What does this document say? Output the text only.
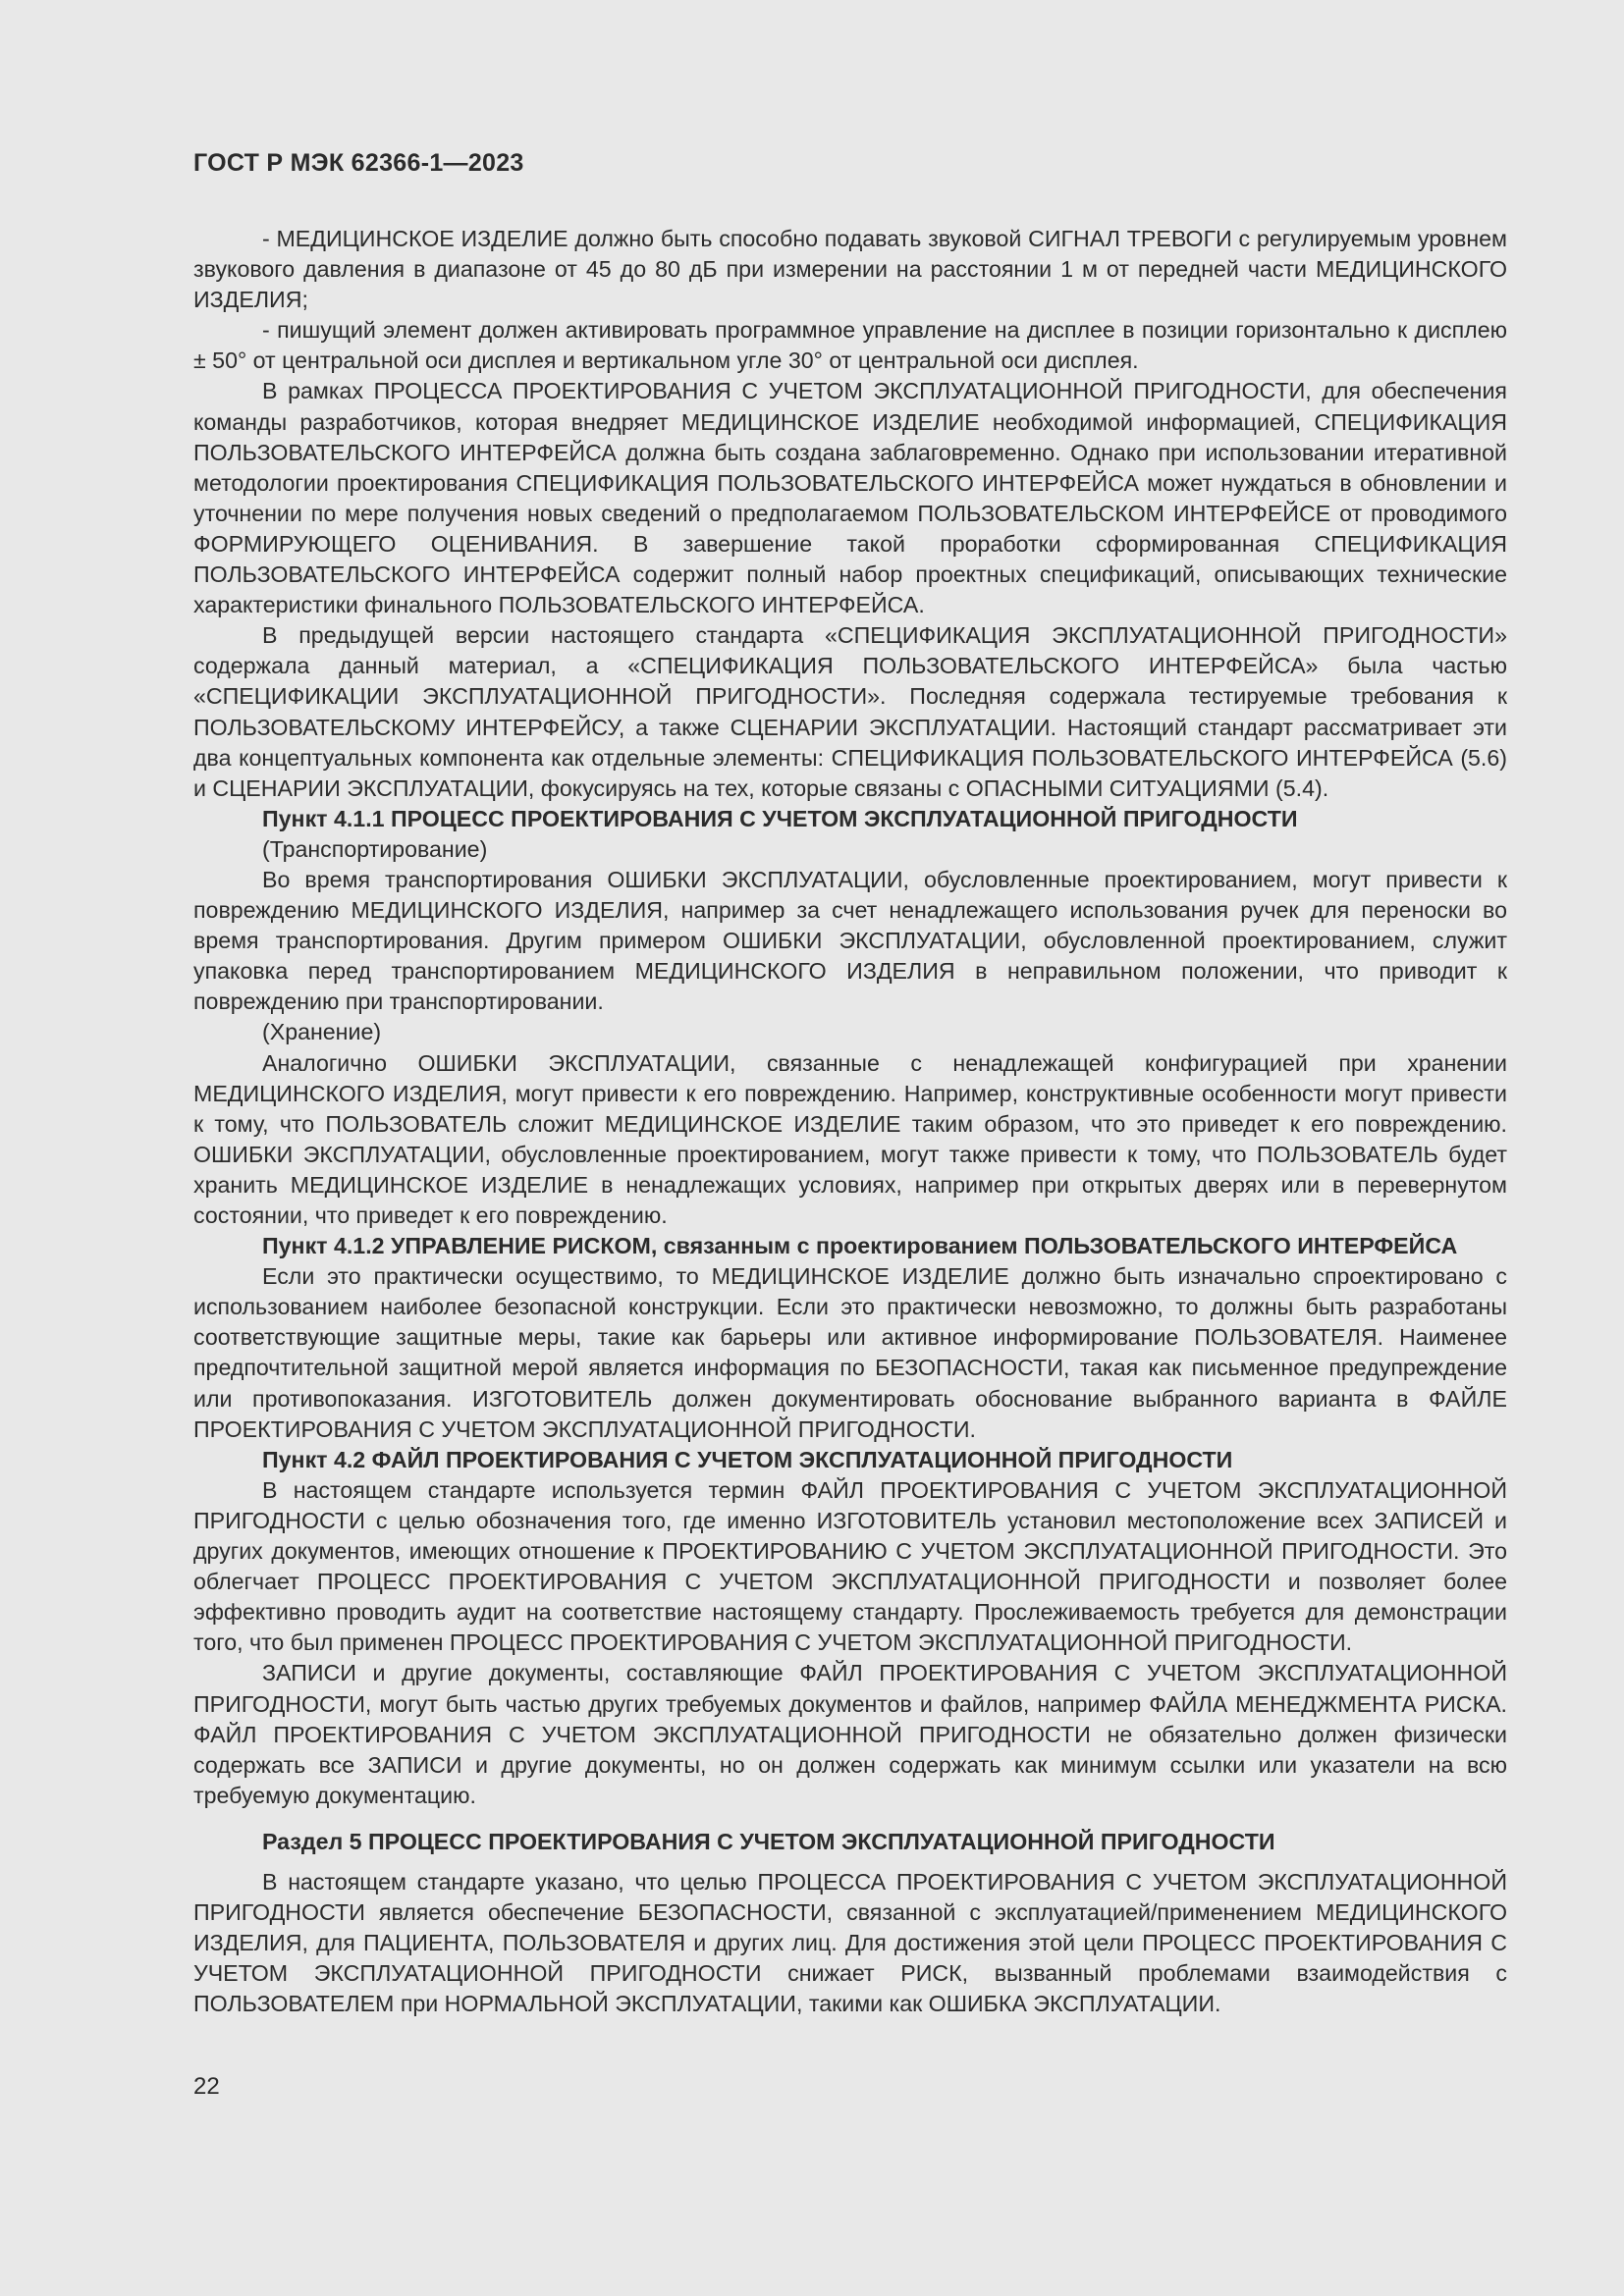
ГОСТ Р МЭК 62366-1—2023

- МЕДИЦИНСКОЕ ИЗДЕЛИЕ должно быть способно подавать звуковой СИГНАЛ ТРЕВОГИ с регулируемым уровнем звукового давления в диапазоне от 45 до 80 дБ при измерении на расстоянии 1 м от передней части МЕДИЦИНСКОГО ИЗДЕЛИЯ;

- пишущий элемент должен активировать программное управление на дисплее в позиции горизонтально к дисплею ± 50° от центральной оси дисплея и вертикальном угле 30° от центральной оси дисплея.

В рамках ПРОЦЕССА ПРОЕКТИРОВАНИЯ С УЧЕТОМ ЭКСПЛУАТАЦИОННОЙ ПРИГОДНОСТИ, для обеспечения команды разработчиков, которая внедряет МЕДИЦИНСКОЕ ИЗДЕЛИЕ необходимой информацией, СПЕЦИФИКАЦИЯ ПОЛЬЗОВАТЕЛЬСКОГО ИНТЕРФЕЙСА должна быть создана заблаговременно. Однако при использовании итеративной методологии проектирования СПЕЦИФИКАЦИЯ ПОЛЬЗОВАТЕЛЬСКОГО ИНТЕРФЕЙСА может нуждаться в обновлении и уточнении по мере получения новых сведений о предполагаемом ПОЛЬЗОВАТЕЛЬСКОМ ИНТЕРФЕЙСЕ от проводимого ФОРМИРУЮЩЕГО ОЦЕНИВАНИЯ. В завершение такой проработки сформированная СПЕЦИФИКАЦИЯ ПОЛЬЗОВАТЕЛЬСКОГО ИНТЕРФЕЙСА содержит полный набор проектных спецификаций, описывающих технические характеристики финального ПОЛЬЗОВАТЕЛЬСКОГО ИНТЕРФЕЙСА.

В предыдущей версии настоящего стандарта «СПЕЦИФИКАЦИЯ ЭКСПЛУАТАЦИОННОЙ ПРИГОДНОСТИ» содержала данный материал, а «СПЕЦИФИКАЦИЯ ПОЛЬЗОВАТЕЛЬСКОГО ИНТЕРФЕЙСА» была частью «СПЕЦИФИКАЦИИ ЭКСПЛУАТАЦИОННОЙ ПРИГОДНОСТИ». Последняя содержала тестируемые требования к ПОЛЬЗОВАТЕЛЬСКОМУ ИНТЕРФЕЙСУ, а также СЦЕНАРИИ ЭКСПЛУАТАЦИИ. Настоящий стандарт рассматривает эти два концептуальных компонента как отдельные элементы: СПЕЦИФИКАЦИЯ ПОЛЬЗОВАТЕЛЬСКОГО ИНТЕРФЕЙСА (5.6) и СЦЕНАРИИ ЭКСПЛУАТАЦИИ, фокусируясь на тех, которые связаны с ОПАСНЫМИ СИТУАЦИЯМИ (5.4).

Пункт 4.1.1 ПРОЦЕСС ПРОЕКТИРОВАНИЯ С УЧЕТОМ ЭКСПЛУАТАЦИОННОЙ ПРИГОДНОСТИ

(Транспортирование)

Во время транспортирования ОШИБКИ ЭКСПЛУАТАЦИИ, обусловленные проектированием, могут привести к повреждению МЕДИЦИНСКОГО ИЗДЕЛИЯ, например за счет ненадлежащего использования ручек для переноски во время транспортирования. Другим примером ОШИБКИ ЭКСПЛУАТАЦИИ, обусловленной проектированием, служит упаковка перед транспортированием МЕДИЦИНСКОГО ИЗДЕЛИЯ в неправильном положении, что приводит к повреждению при транспортировании.

(Хранение)

Аналогично ОШИБКИ ЭКСПЛУАТАЦИИ, связанные с ненадлежащей конфигурацией при хранении МЕДИЦИНСКОГО ИЗДЕЛИЯ, могут привести к его повреждению. Например, конструктивные особенности могут привести к тому, что ПОЛЬЗОВАТЕЛЬ сложит МЕДИЦИНСКОЕ ИЗДЕЛИЕ таким образом, что это приведет к его повреждению. ОШИБКИ ЭКСПЛУАТАЦИИ, обусловленные проектированием, могут также привести к тому, что ПОЛЬЗОВАТЕЛЬ будет хранить МЕДИЦИНСКОЕ ИЗДЕЛИЕ в ненадлежащих условиях, например при открытых дверях или в перевернутом состоянии, что приведет к его повреждению.

Пункт 4.1.2 УПРАВЛЕНИЕ РИСКОМ, связанным с проектированием ПОЛЬЗОВАТЕЛЬСКОГО ИНТЕРФЕЙСА

Если это практически осуществимо, то МЕДИЦИНСКОЕ ИЗДЕЛИЕ должно быть изначально спроектировано с использованием наиболее безопасной конструкции. Если это практически невозможно, то должны быть разработаны соответствующие защитные меры, такие как барьеры или активное информирование ПОЛЬЗОВАТЕЛЯ. Наименее предпочтительной защитной мерой является информация по БЕЗОПАСНОСТИ, такая как письменное предупреждение или противопоказания. ИЗГОТОВИТЕЛЬ должен документировать обоснование выбранного варианта в ФАЙЛЕ ПРОЕКТИРОВАНИЯ С УЧЕТОМ ЭКСПЛУАТАЦИОННОЙ ПРИГОДНОСТИ.

Пункт 4.2 ФАЙЛ ПРОЕКТИРОВАНИЯ С УЧЕТОМ ЭКСПЛУАТАЦИОННОЙ ПРИГОДНОСТИ

В настоящем стандарте используется термин ФАЙЛ ПРОЕКТИРОВАНИЯ С УЧЕТОМ ЭКСПЛУАТАЦИОННОЙ ПРИГОДНОСТИ с целью обозначения того, где именно ИЗГОТОВИТЕЛЬ установил местоположение всех ЗАПИСЕЙ и других документов, имеющих отношение к ПРОЕКТИРОВАНИЮ С УЧЕТОМ ЭКСПЛУАТАЦИОННОЙ ПРИГОДНОСТИ. Это облегчает ПРОЦЕСС ПРОЕКТИРОВАНИЯ С УЧЕТОМ ЭКСПЛУАТАЦИОННОЙ ПРИГОДНОСТИ и позволяет более эффективно проводить аудит на соответствие настоящему стандарту. Прослеживаемость требуется для демонстрации того, что был применен ПРОЦЕСС ПРОЕКТИРОВАНИЯ С УЧЕТОМ ЭКСПЛУАТАЦИОННОЙ ПРИГОДНОСТИ.

ЗАПИСИ и другие документы, составляющие ФАЙЛ ПРОЕКТИРОВАНИЯ С УЧЕТОМ ЭКСПЛУАТАЦИОННОЙ ПРИГОДНОСТИ, могут быть частью других требуемых документов и файлов, например ФАЙЛА МЕНЕДЖМЕНТА РИСКА. ФАЙЛ ПРОЕКТИРОВАНИЯ С УЧЕТОМ ЭКСПЛУАТАЦИОННОЙ ПРИГОДНОСТИ не обязательно должен физически содержать все ЗАПИСИ и другие документы, но он должен содержать как минимум ссылки или указатели на всю требуемую документацию.

Раздел 5 ПРОЦЕСС ПРОЕКТИРОВАНИЯ С УЧЕТОМ ЭКСПЛУАТАЦИОННОЙ ПРИГОДНОСТИ

В настоящем стандарте указано, что целью ПРОЦЕССА ПРОЕКТИРОВАНИЯ С УЧЕТОМ ЭКСПЛУАТАЦИОННОЙ ПРИГОДНОСТИ является обеспечение БЕЗОПАСНОСТИ, связанной с эксплуатацией/применением МЕДИЦИНСКОГО ИЗДЕЛИЯ, для ПАЦИЕНТА, ПОЛЬЗОВАТЕЛЯ и других лиц. Для достижения этой цели ПРОЦЕСС ПРОЕКТИРОВАНИЯ С УЧЕТОМ ЭКСПЛУАТАЦИОННОЙ ПРИГОДНОСТИ снижает РИСК, вызванный проблемами взаимодействия с ПОЛЬЗОВАТЕЛЕМ при НОРМАЛЬНОЙ ЭКСПЛУАТАЦИИ, такими как ОШИБКА ЭКСПЛУАТАЦИИ.

22
